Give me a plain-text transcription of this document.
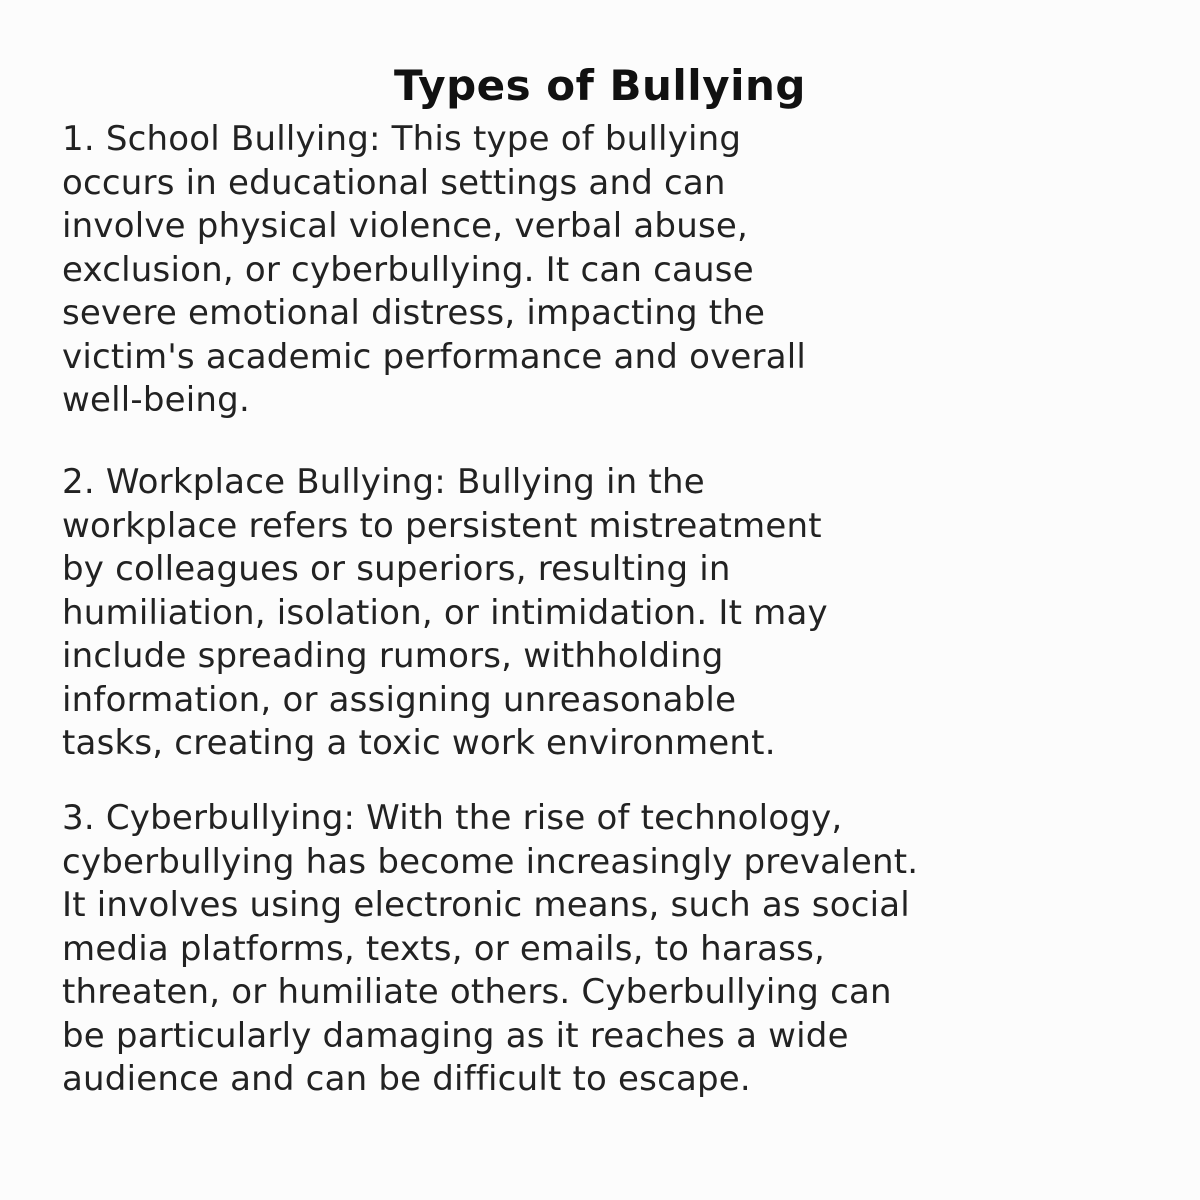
Types of Bullying
1. School Bullying: This type of bullying
occurs in educational settings and can
involve physical violence, verbal abuse,
exclusion, or cyberbullying. It can cause
severe emotional distress, impacting the
victim's academic performance and overall
well-being.
2. Workplace Bullying: Bullying in the
workplace refers to persistent mistreatment
by colleagues or superiors, resulting in
humiliation, isolation, or intimidation. It may
include spreading rumors, withholding
information, or assigning unreasonable
tasks, creating a toxic work environment.
3. Cyberbullying: With the rise of technology,
cyberbullying has become increasingly prevalent.
It involves using electronic means, such as social
media platforms, texts, or emails, to harass,
threaten, or humiliate others. Cyberbullying can
be particularly damaging as it reaches a wide
audience and can be difficult to escape.
